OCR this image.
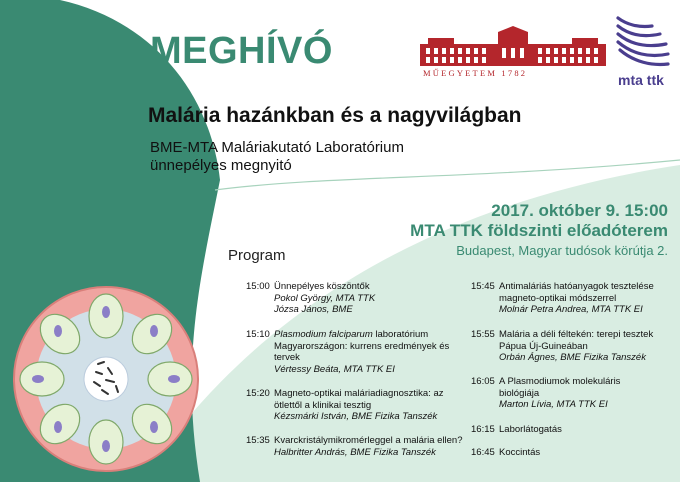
MEGHÍVÓ
Malária hazánkban és a nagyvilágban
BME-MTA Maláriakutató Laboratórium
ünnepélyes megnyitó
MŰEGYETEM 1782	mta ttk
2017. október 9. 15:00
MTA TTK földszinti előadóterem
Budapest, Magyar tudósok körútja 2.
Program
15:00 Ünnepélyes köszöntők
Pokol György, MTA TTK
Józsa János, BME
15:10 Plasmodium falciparum laboratórium Magyarországon: kurrens eredmények és tervek
Vértessy Beáta, MTA TTK EI
15:20 Magneto-optikai maláriadiagnosztika: az ötlettől a klinikai tesztig
Kézsmárki István, BME Fizika Tanszék
15:35 Kvarckristálymikromérleggel a malária ellen?
Halbritter András, BME Fizika Tanszék
15:45 Antimaláriás hatóanyagok tesztelése magneto-optikai módszerrel
Molnár Petra Andrea, MTA TTK EI
15:55 Malária a déli féltekén: terepi tesztek Pápua Új-Guineában
Orbán Ágnes, BME Fizika Tanszék
16:05 A Plasmodiumok molekuláris biológiája
Marton Lívia, MTA TTK EI
16:15 Laborlátogatás
16:45 Koccintás
